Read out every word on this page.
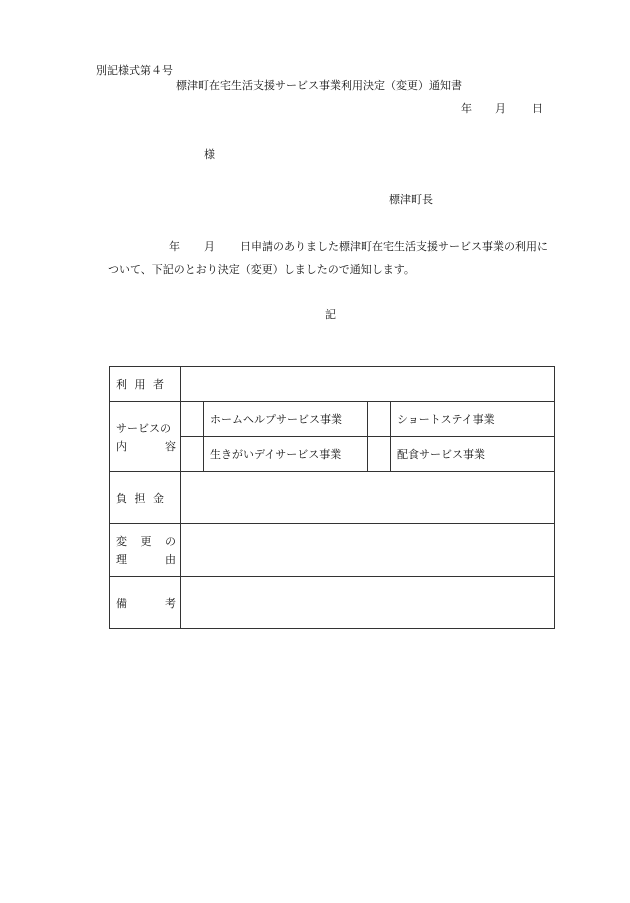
別記様式第４号
標津町在宅生活支援サービス事業利用決定（変更）通知書
年 月 日
様
標津町長
年 月 日申請のありました標津町在宅生活支援サービス事業の利用に
ついて、下記のとおり決定（変更）しましたので通知します。
記
利 用 者				

サービスの
内 容		ホームヘルプサービス事業		ショートステイ事業
		生きがいデイサービス事業		配食サービス事業

負 担 金				

変 更 の
理 由				

備 考				
